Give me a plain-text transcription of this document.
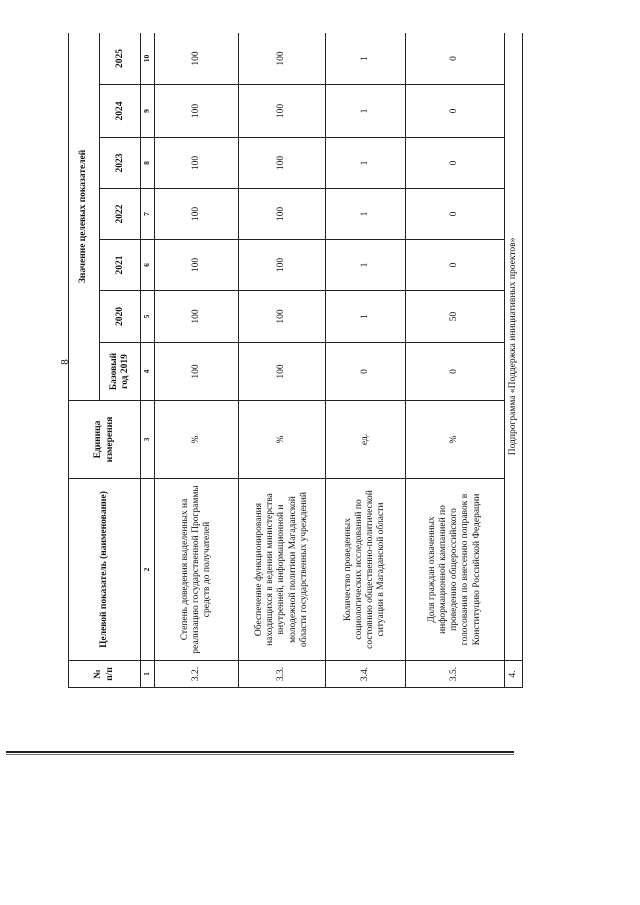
8
№ п/п	Целевой показатель (наименование)	Единица измерения	Значение целевых показателей						
			Базовый год 2019	2020	2021	2022	2023	2024	2025
1	2	3	4	5	6	7	8	9	10
3.2.	Степень доведения выделенных на реализацию государственной Программы средств до получателей	%	100	100	100	100	100	100	100
3.3.	Обеспечение функционирования находящихся в ведении министерства внутренней, информационной и молодежной политики Магаданской области государственных учреждений	%	100	100	100	100	100	100	100
3.4.	Количество проведенных социологических исследований по состоянию общественно-политической ситуации в Магаданской области	ед.	0	1	1	1	1	1	1
3.5.	Доля граждан охваченных информационной кампанией по проведению общероссийского голосования по внесению поправок в Конституцию Российской Федерации	%	0	50	0	0	0	0	0
4.	Подпрограмма «Поддержка инициативных проектов»								
